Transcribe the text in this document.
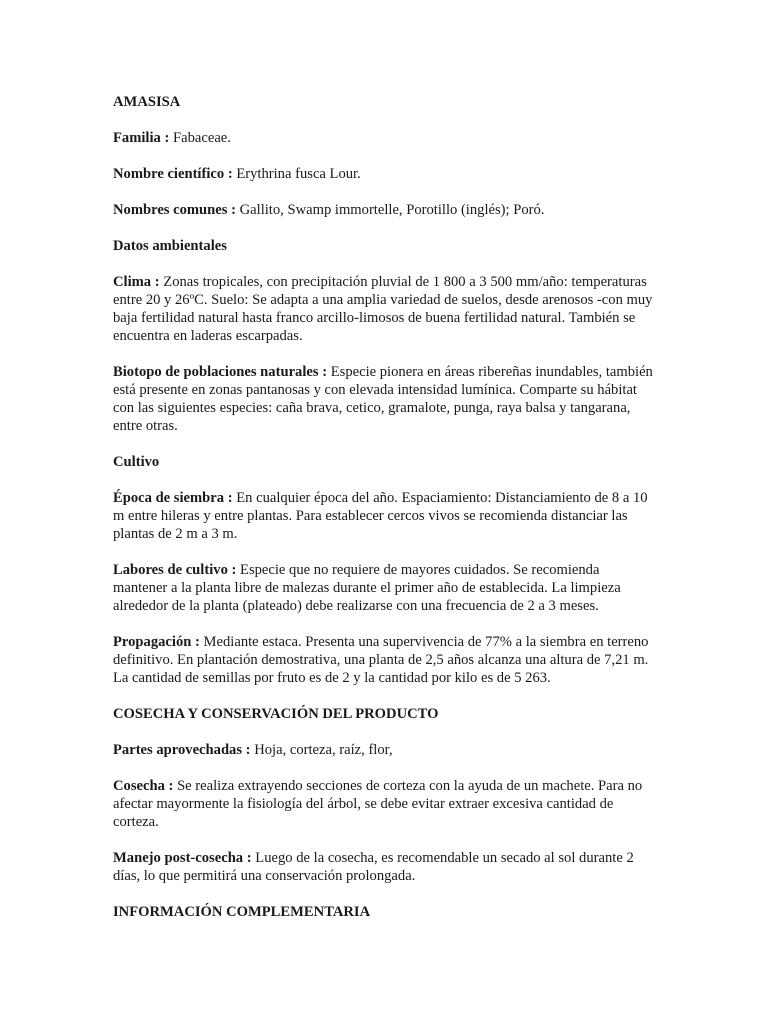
AMASISA

Familia : Fabaceae.

Nombre científico : Erythrina fusca Lour.

Nombres comunes : Gallito, Swamp immortelle, Porotillo (inglés); Poró.

Datos ambientales

Clima : Zonas tropicales, con precipitación pluvial de 1 800 a 3 500 mm/año: temperaturas entre 20 y 26ºC. Suelo: Se adapta a una amplia variedad de suelos, desde arenosos -con muy baja fertilidad natural hasta franco arcillo-limosos de buena fertilidad natural. También se encuentra en laderas escarpadas.

Biotopo de poblaciones naturales : Especie pionera en áreas ribereñas inundables, también está presente en zonas pantanosas y con elevada intensidad lumínica. Comparte su hábitat con las siguientes especies: caña brava, cetico, gramalote, punga, raya balsa y tangarana, entre otras.

Cultivo

Época de siembra : En cualquier época del año. Espaciamiento: Distanciamiento de 8 a 10 m entre hileras y entre plantas. Para establecer cercos vivos se recomienda distanciar las plantas de 2 m a 3 m.

Labores de cultivo : Especie que no requiere de mayores cuidados. Se recomienda mantener a la planta libre de malezas durante el primer año de establecida. La limpieza alrededor de la planta (plateado) debe realizarse con una frecuencia de 2 a 3 meses.

Propagación : Mediante estaca. Presenta una supervivencia de 77% a la siembra en terreno definitivo. En plantación demostrativa, una planta de 2,5 años alcanza una altura de 7,21 m. La cantidad de semillas por fruto es de 2 y la cantidad por kilo es de 5 263.

COSECHA Y CONSERVACIÓN DEL PRODUCTO

Partes aprovechadas : Hoja, corteza, raíz, flor,

Cosecha : Se realiza extrayendo secciones de corteza con la ayuda de un machete. Para no afectar mayormente la fisiología del árbol, se debe evitar extraer excesiva cantidad de corteza.

Manejo post-cosecha : Luego de la cosecha, es recomendable un secado al sol durante 2 días, lo que permitirá una conservación prolongada.

INFORMACIÓN COMPLEMENTARIA
